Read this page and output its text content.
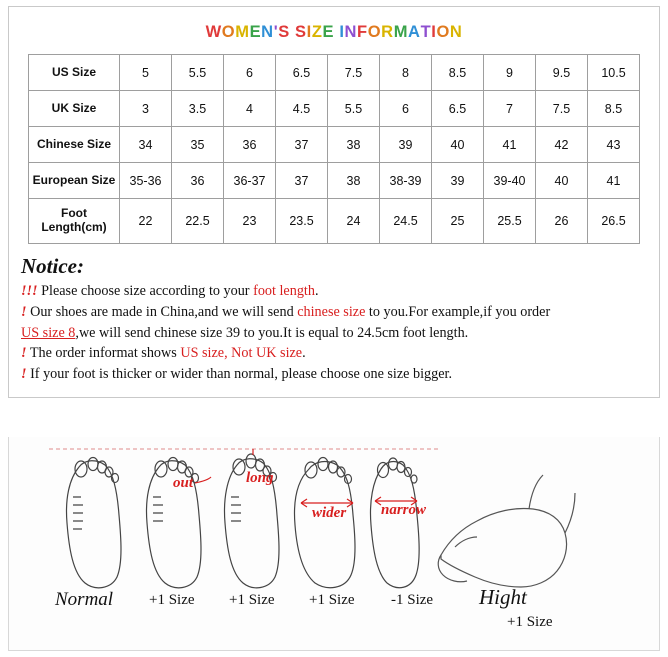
WOMEN'S SIZE INFORMATION
US Size	5	5.5	6	6.5	7.5	8	8.5	9	9.5	10.5
UK Size	3	3.5	4	4.5	5.5	6	6.5	7	7.5	8.5
Chinese Size	34	35	36	37	38	39	40	41	42	43
European Size	35-36	36	36-37	37	38	38-39	39	39-40	40	41

Foot
Length(cm)	22	22.5	23	23.5	24	24.5	25	25.5	26	26.5
Notice:

!!! Please choose size according to your foot length.

! Our shoes are made in China,and we will send chinese size to you.For example,if you order

US size 8,we will send chinese size 39 to you.It is equal to 24.5cm foot length.

! The order informat shows US size, Not UK size.

! If your foot is thicker or wider than normal, please choose one size bigger.

out	long
wider narrow
Normal +1 Size +1 Size +1 Size -1 Size Hight
+1 Size
